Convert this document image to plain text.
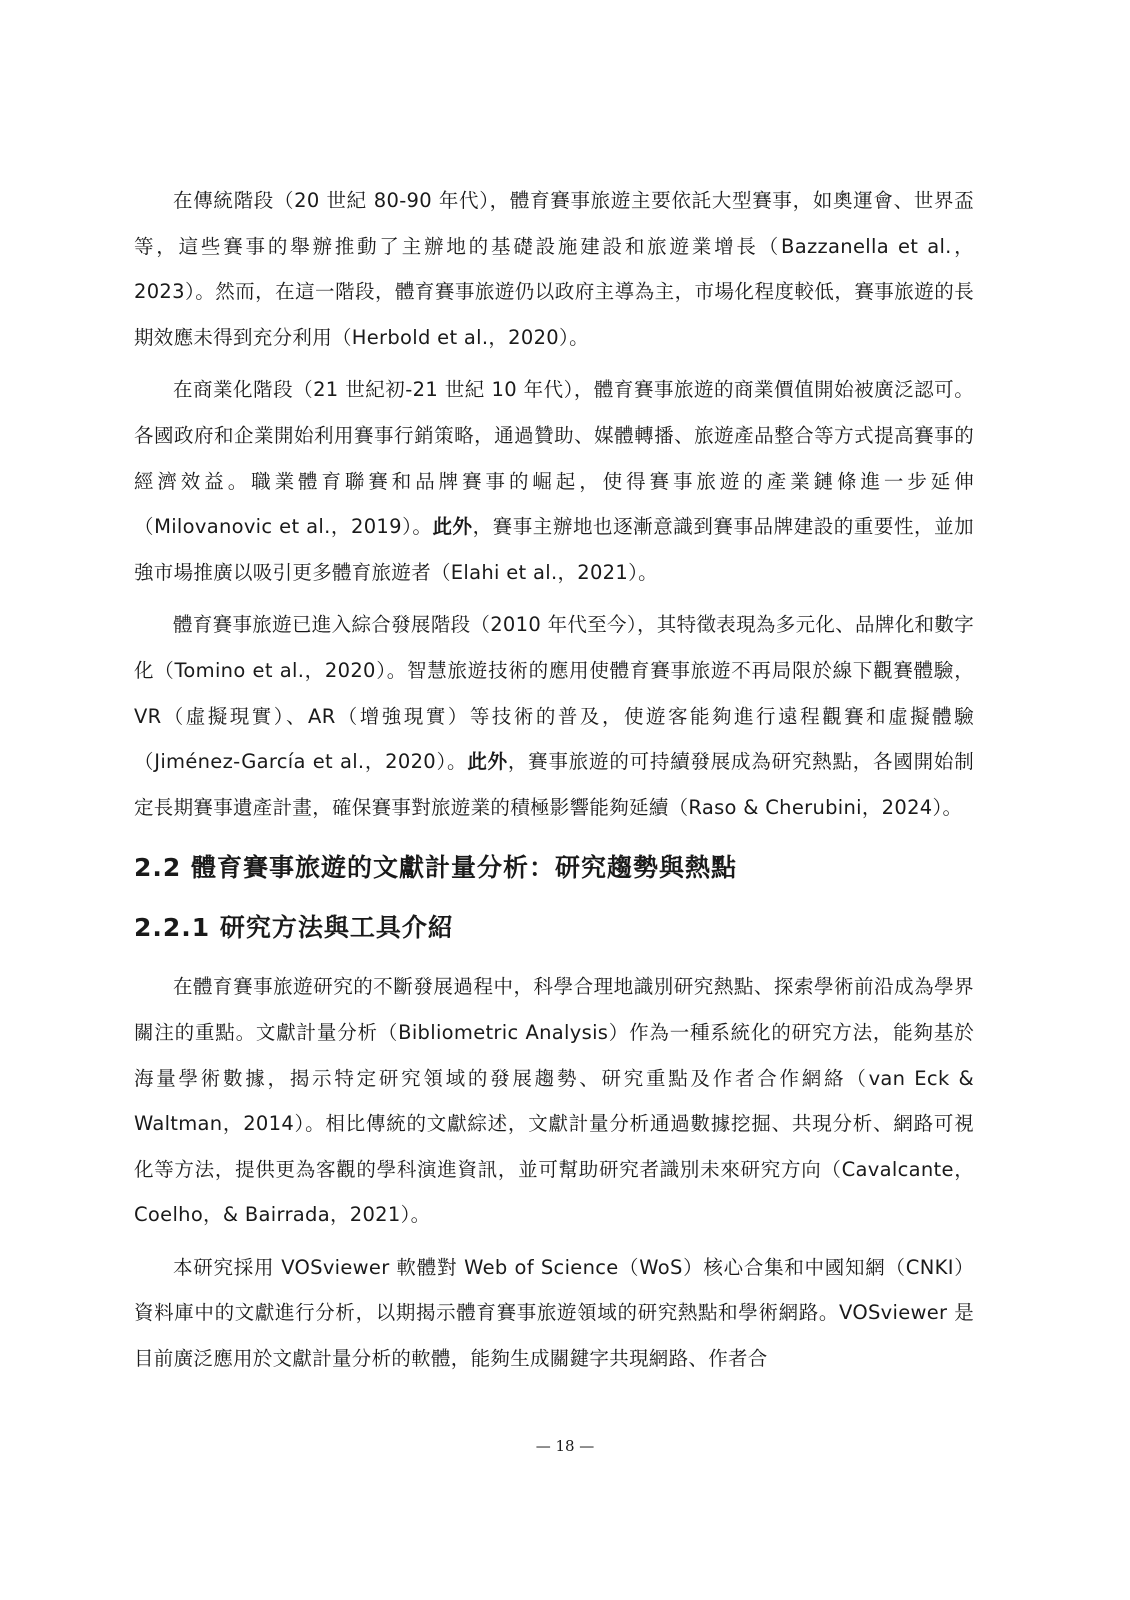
在傳統階段（20 世紀 80-90 年代），體育賽事旅遊主要依託大型賽事，如奧運會、世界盃等，這些賽事的舉辦推動了主辦地的基礎設施建設和旅遊業增長（Bazzanella et al.，2023）。然而，在這一階段，體育賽事旅遊仍以政府主導為主，市場化程度較低，賽事旅遊的長期效應未得到充分利用（Herbold et al.，2020）。

在商業化階段（21 世紀初-21 世紀 10 年代），體育賽事旅遊的商業價值開始被廣泛認可。各國政府和企業開始利用賽事行銷策略，通過贊助、媒體轉播、旅遊產品整合等方式提高賽事的經濟效益。職業體育聯賽和品牌賽事的崛起，使得賽事旅遊的產業鏈條進一步延伸（Milovanovic et al.，2019）。此外，賽事主辦地也逐漸意識到賽事品牌建設的重要性，並加強市場推廣以吸引更多體育旅遊者（Elahi et al.，2021）。

體育賽事旅遊已進入綜合發展階段（2010 年代至今），其特徵表現為多元化、品牌化和數字化（Tomino et al.，2020）。智慧旅遊技術的應用使體育賽事旅遊不再局限於線下觀賽體驗，VR（虛擬現實）、AR（增強現實）等技術的普及，使遊客能夠進行遠程觀賽和虛擬體驗（Jiménez-García et al.，2020）。此外，賽事旅遊的可持續發展成為研究熱點，各國開始制定長期賽事遺產計畫，確保賽事對旅遊業的積極影響能夠延續（Raso & Cherubini，2024）。

2.2 體育賽事旅遊的文獻計量分析：研究趨勢與熱點
2.2.1 研究方法與工具介紹

在體育賽事旅遊研究的不斷發展過程中，科學合理地識別研究熱點、探索學術前沿成為學界關注的重點。文獻計量分析（Bibliometric Analysis）作為一種系統化的研究方法，能夠基於海量學術數據，揭示特定研究領域的發展趨勢、研究重點及作者合作網絡（van Eck & Waltman，2014）。相比傳統的文獻綜述，文獻計量分析通過數據挖掘、共現分析、網路可視化等方法，提供更為客觀的學科演進資訊，並可幫助研究者識別未來研究方向（Cavalcante，Coelho，& Bairrada，2021）。

本研究採用 VOSviewer 軟體對 Web of Science（WoS）核心合集和中國知網（CNKI）資料庫中的文獻進行分析，以期揭示體育賽事旅遊領域的研究熱點和學術網路。VOSviewer 是目前廣泛應用於文獻計量分析的軟體，能夠生成關鍵字共現網路、作者合

— 18 —
